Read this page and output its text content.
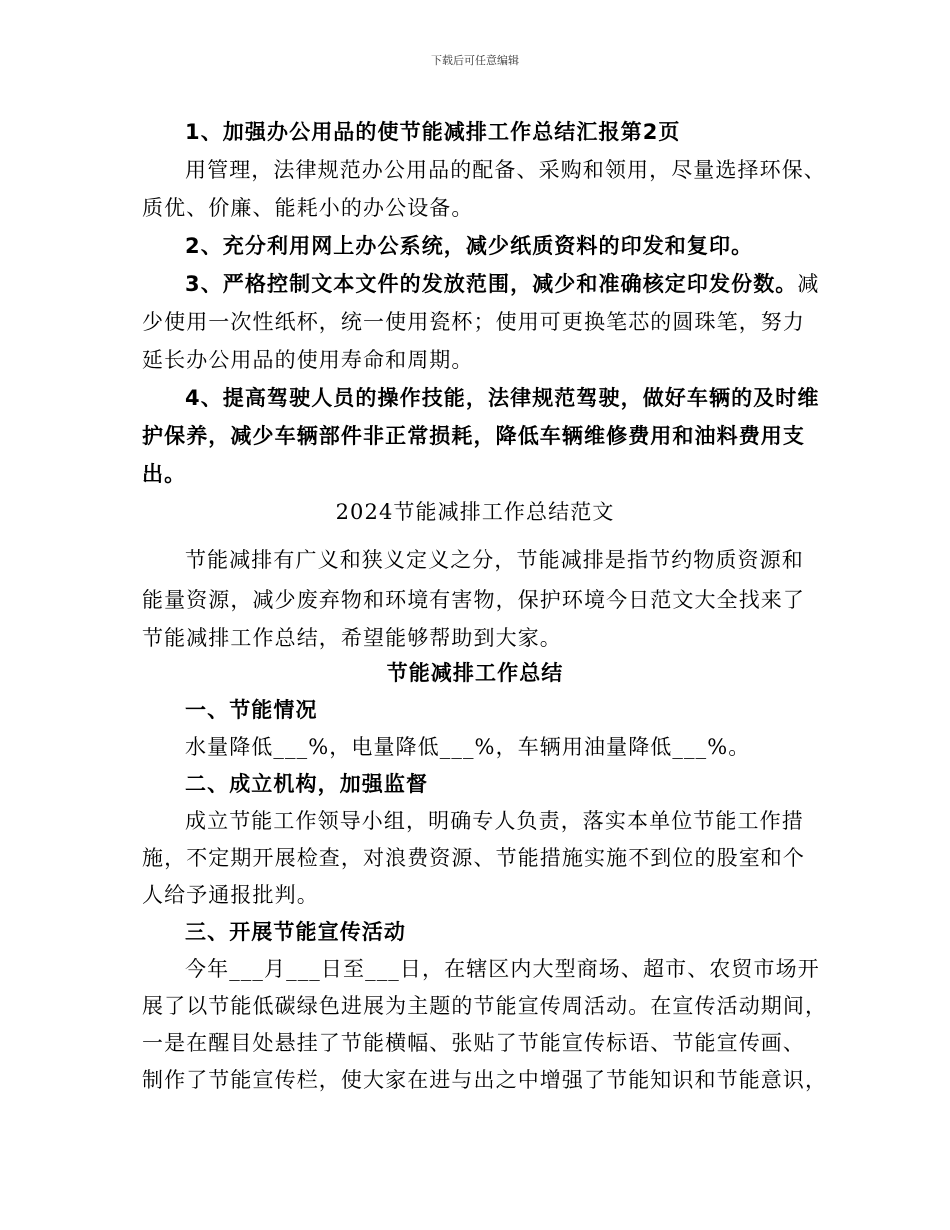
下载后可任意编辑
1、加强办公用品的使节能减排工作总结汇报第2页
用管理，法律规范办公用品的配备、采购和领用，尽量选择环保、
质优、价廉、能耗小的办公设备。
2、充分利用网上办公系统，减少纸质资料的印发和复印。
3、严格控制文本文件的发放范围，减少和准确核定印发份数。减
少使用一次性纸杯，统一使用瓷杯；使用可更换笔芯的圆珠笔，努力
延长办公用品的使用寿命和周期。
4、提高驾驶人员的操作技能，法律规范驾驶，做好车辆的及时维
护保养，减少车辆部件非正常损耗，降低车辆维修费用和油料费用支
出。
2024节能减排工作总结范文
节能减排有广义和狭义定义之分，节能减排是指节约物质资源和
能量资源，减少废弃物和环境有害物，保护环境今日范文大全找来了
节能减排工作总结，希望能够帮助到大家。
节能减排工作总结
一、节能情况
水量降低___%，电量降低___%，车辆用油量降低___%。
二、成立机构，加强监督
成立节能工作领导小组，明确专人负责，落实本单位节能工作措
施，不定期开展检查，对浪费资源、节能措施实施不到位的股室和个
人给予通报批判。
三、开展节能宣传活动
今年___月___日至___日，在辖区内大型商场、超市、农贸市场开
展了以节能低碳绿色进展为主题的节能宣传周活动。在宣传活动期间，
一是在醒目处悬挂了节能横幅、张贴了节能宣传标语、节能宣传画、
制作了节能宣传栏，使大家在进与出之中增强了节能知识和节能意识，
